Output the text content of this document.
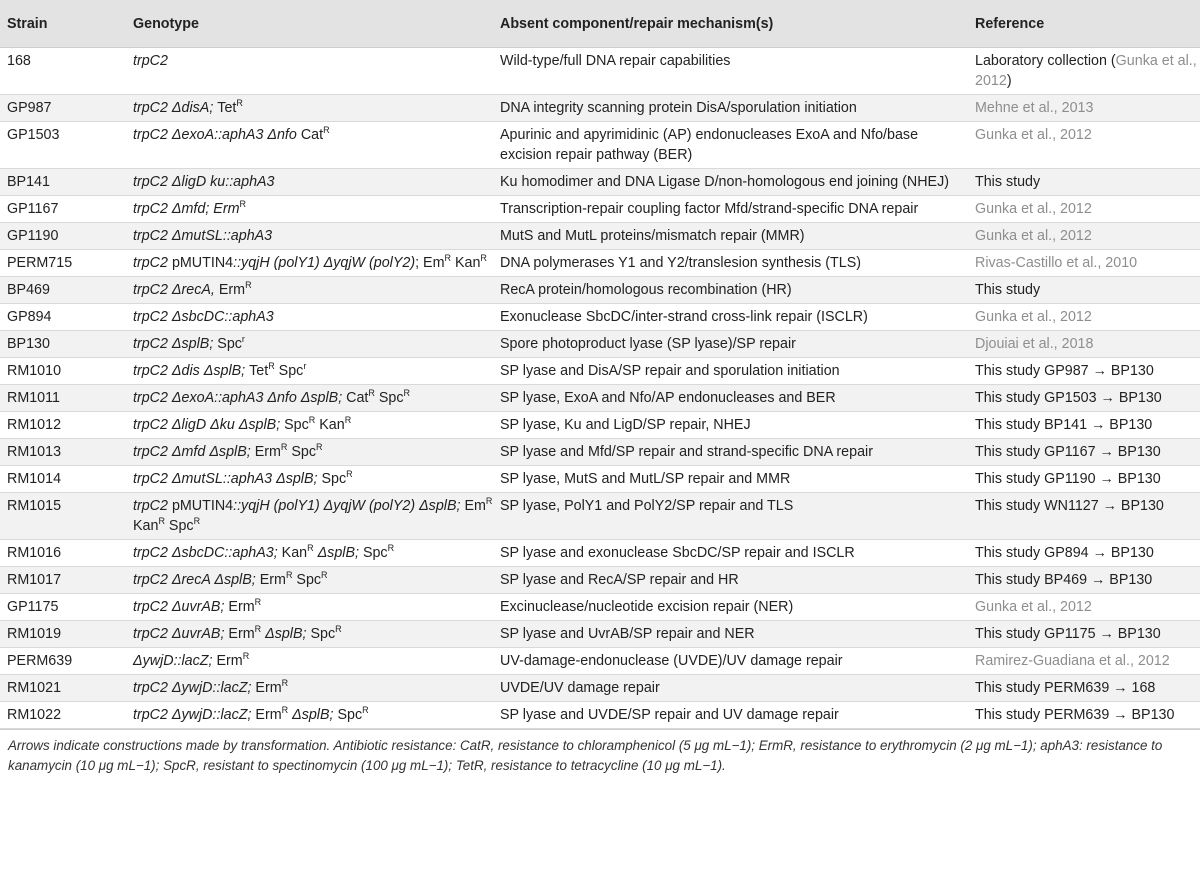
Strain	Genotype	Absent component/repair mechanism(s)	Reference
168	trpC2	Wild-type/full DNA repair capabilities	Laboratory collection (Gunka et al., 2012)
GP987	trpC2 ΔdisA; Tet$^R$	DNA integrity scanning protein DisA/sporulation initiation	Mehne et al., 2013
GP1503	trpC2 ΔexoA::aphA3 Δnfo Cat$^R$	Apurinic and apyrimidinic (AP) endonucleases ExoA and Nfo/base excision repair pathway (BER)	Gunka et al., 2012
BP141	trpC2 ΔligD ku::aphA3	Ku homodimer and DNA Ligase D/non-homologous end joining (NHEJ)	This study
GP1167	trpC2 Δmfd; Erm$^R$	Transcription-repair coupling factor Mfd/strand-specific DNA repair	Gunka et al., 2012
GP1190	trpC2 ΔmutSL::aphA3	MutS and MutL proteins/mismatch repair (MMR)	Gunka et al., 2012
PERM715	trpC2 pMUTIN4::yqjH (polY1) ΔyqjW (polY2); $Em^R$ Kan$^R$	DNA polymerases Y1 and Y2/translesion synthesis (TLS)	Rivas-Castillo et al., 2010
BP469	trpC2 ΔrecA, Erm$^R$	RecA protein/homologous recombination (HR)	This study
GP894	trpC2 ΔsbcDC::aphA3	Exonuclease SbcDC/inter-strand cross-link repair (ISCLR)	Gunka et al., 2012
BP130	trpC2 ΔsplB; Spc$^r$	Spore photoproduct lyase (SP lyase)/SP repair	Djouiai et al., 2018
RM1010	trpC2 Δdis ΔsplB; Tet$^R$ Spc$^r$	SP lyase and DisA/SP repair and sporulation initiation	This study GP987 → BP130
RM1011	trpC2 ΔexoA::aphA3 Δnfo ΔsplB; Cat$^R$ Spc$^R$	SP lyase, ExoA and Nfo/AP endonucleases and BER	This study GP1503 → BP130
RM1012	trpC2 ΔligD Δku ΔsplB; Spc$^R$ Kan$^R$	SP lyase, Ku and LigD/SP repair, NHEJ	This study BP141 → BP130
RM1013	trpC2 Δmfd ΔsplB; Erm$^R$ Spc$^R$	SP lyase and Mfd/SP repair and strand-specific DNA repair	This study GP1167 → BP130
RM1014	trpC2 ΔmutSL::aphA3 ΔsplB; Spc$^R$	SP lyase, MutS and MutL/SP repair and MMR	This study GP1190 → BP130
RM1015	trpC2 pMUTIN4::yqjH (polY1) ΔyqjW (polY2) ΔsplB; $Em^R$ Kan$^R$ Spc$^R$	SP lyase, PolY1 and PolY2/SP repair and TLS	This study WN1127 → BP130
RM1016	trpC2 ΔsbcDC::aphA3; Kan$^R$ ΔsplB; Spc$^R$	SP lyase and exonuclease SbcDC/SP repair and ISCLR	This study GP894 → BP130
RM1017	trpC2 ΔrecA ΔsplB; Erm$^R$ Spc$^R$	SP lyase and RecA/SP repair and HR	This study BP469 → BP130
GP1175	trpC2 ΔuvrAB; Erm$^R$	Excinuclease/nucleotide excision repair (NER)	Gunka et al., 2012
RM1019	trpC2 ΔuvrAB; Erm$^R$ ΔsplB; Spc$^R$	SP lyase and UvrAB/SP repair and NER	This study GP1175 → BP130
PERM639	ΔywjD::lacZ; Erm$^R$	UV-damage-endonuclease (UVDE)/UV damage repair	Ramirez-Guadiana et al., 2012
RM1021	trpC2 ΔywjD::lacZ; Erm$^R$	UVDE/UV damage repair	This study PERM639 → 168
RM1022	trpC2 ΔywjD::lacZ; Erm$^R$ ΔsplB; Spc$^R$	SP lyase and UVDE/SP repair and UV damage repair	This study PERM639 → BP130
Arrows indicate constructions made by transformation. Antibiotic resistance: CatR, resistance to chloramphenicol (5 μg mL−1); ErmR, resistance to erythromycin (2 μg mL−1); aphA3: resistance to kanamycin (10 μg mL−1); SpcR, resistant to spectinomycin (100 μg mL−1); TetR, resistance to tetracycline (10 μg mL−1).
